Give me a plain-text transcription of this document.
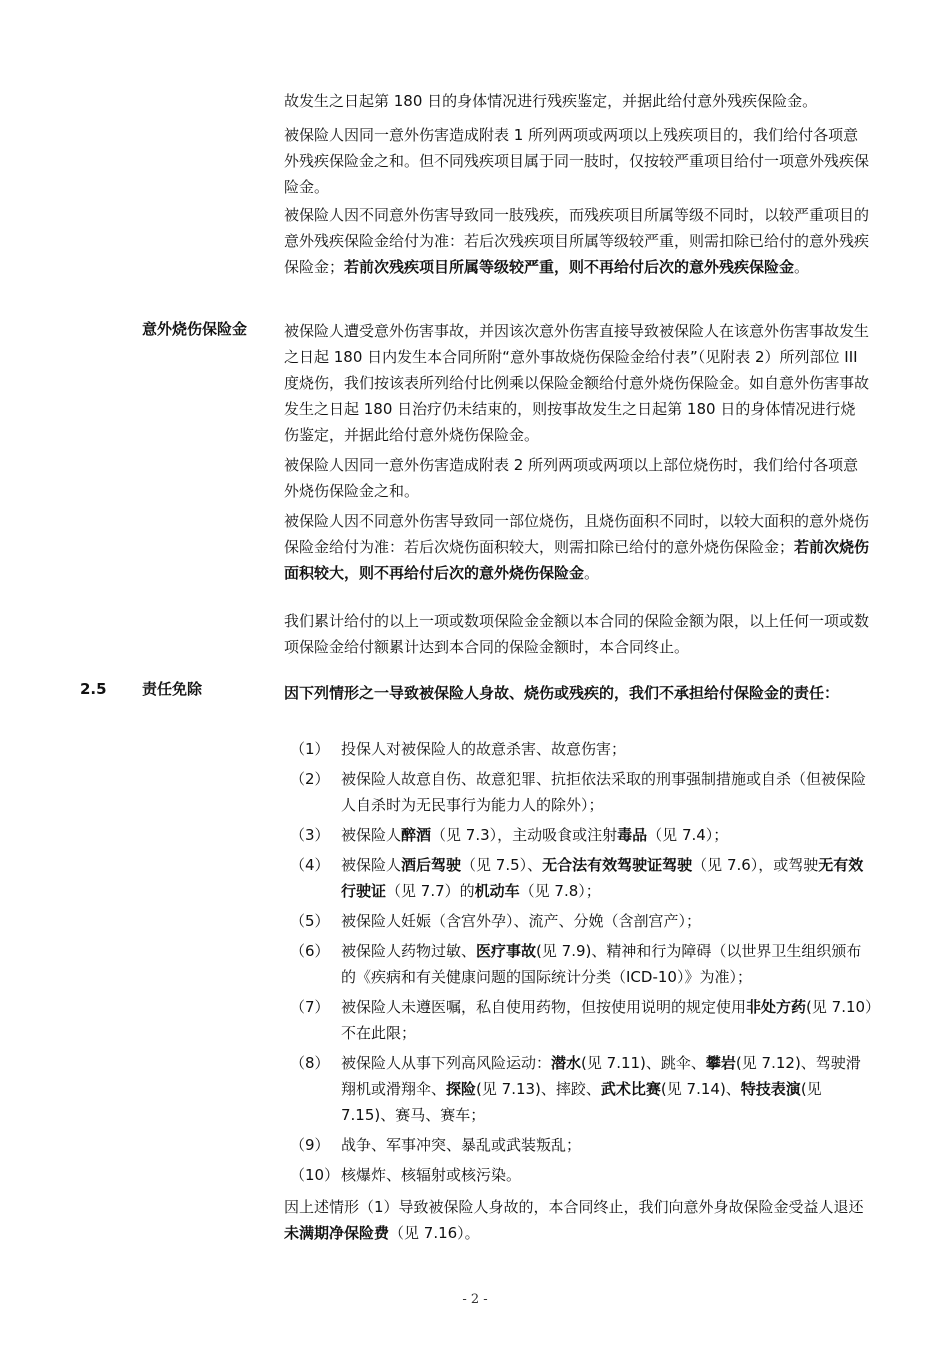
故发生之日起第 180 日的身体情况进行残疾鉴定，并据此给付意外残疾保险金。

被保险人因同一意外伤害造成附表 1 所列两项或两项以上残疾项目的，我们给付各项意外残疾保险金之和。但不同残疾项目属于同一肢时，仅按较严重项目给付一项意外残疾保险金。

被保险人因不同意外伤害导致同一肢残疾，而残疾项目所属等级不同时，以较严重项目的意外残疾保险金给付为准：若后次残疾项目所属等级较严重，则需扣除已给付的意外残疾保险金；若前次残疾项目所属等级较严重，则不再给付后次的意外残疾保险金。

意外烧伤保险金 被保险人遭受意外伤害事故，并因该次意外伤害直接导致被保险人在该意外伤害事故发生之日起 180 日内发生本合同所附“意外事故烧伤保险金给付表”（见附表 2）所列部位 III 度烧伤，我们按该表所列给付比例乘以保险金额给付意外烧伤保险金。如自意外伤害事故发生之日起 180 日治疗仍未结束的，则按事故发生之日起第 180 日的身体情况进行烧伤鉴定，并据此给付意外烧伤保险金。

被保险人因同一意外伤害造成附表 2 所列两项或两项以上部位烧伤时，我们给付各项意外烧伤保险金之和。

被保险人因不同意外伤害导致同一部位烧伤，且烧伤面积不同时，以较大面积的意外烧伤保险金给付为准：若后次烧伤面积较大，则需扣除已给付的意外烧伤保险金；若前次烧伤面积较大，则不再给付后次的意外烧伤保险金。

我们累计给付的以上一项或数项保险金金额以本合同的保险金额为限，以上任何一项或数项保险金给付额累计达到本合同的保险金额时，本合同终止。

2.5 责任免除	因下列情形之一导致被保险人身故、烧伤或残疾的，我们不承担给付保险金的责任：

（1） 投保人对被保险人的故意杀害、故意伤害；
（2） 被保险人故意自伤、故意犯罪、抗拒依法采取的刑事强制措施或自杀（但被保险人自杀时为无民事行为能力人的除外）；
（3） 被保险人醉酒（见 7.3），主动吸食或注射毒品（见 7.4）；
（4） 被保险人酒后驾驶（见 7.5）、无合法有效驾驶证驾驶（见 7.6），或驾驶无有效行驶证（见 7.7）的机动车（见 7.8）；
（5） 被保险人妊娠（含宫外孕）、流产、分娩（含剖宫产）；
（6） 被保险人药物过敏、医疗事故(见 7.9)、精神和行为障碍（以世界卫生组织颁布的《疾病和有关健康问题的国际统计分类（ICD-10）》为准）；
（7） 被保险人未遵医嘱，私自使用药物，但按使用说明的规定使用非处方药(见 7.10）不在此限；
（8） 被保险人从事下列高风险运动：潜水(见 7.11)、跳伞、攀岩(见 7.12)、驾驶滑翔机或滑翔伞、探险(见 7.13)、摔跤、武术比赛(见 7.14)、特技表演(见 7.15)、赛马、赛车；
（9） 战争、军事冲突、暴乱或武装叛乱；
（10） 核爆炸、核辐射或核污染。

因上述情形（1）导致被保险人身故的，本合同终止，我们向意外身故保险金受益人退还未满期净保险费（见 7.16）。

- 2 -
